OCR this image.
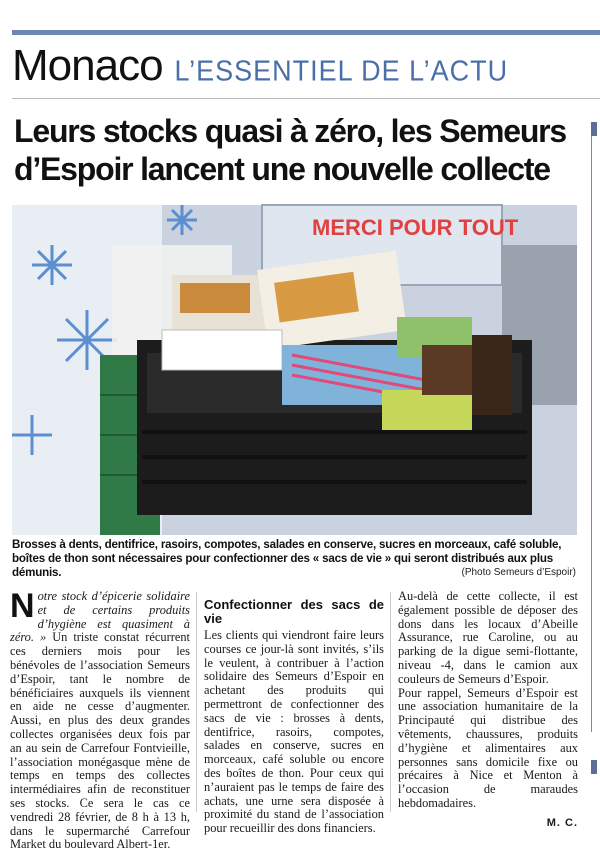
Monaco L’ESSENTIEL DE L’ACTU
Leurs stocks quasi à zéro, les Semeurs d’Espoir lancent une nouvelle collecte
MERCI POUR TOUT

Brosses à dents, dentifrice, rasoirs, compotes, salades en conserve, sucres en morceaux, café soluble, boîtes de thon sont nécessaires pour confectionner des « sacs de vie » qui seront distribués aux plus démunis.	(Photo Semeurs d’Espoir)
N otre stock d’épicerie solidaire et de certains produits d’hygiène est quasiment à zéro. » Un triste constat récurrent ces derniers mois pour les bénévoles de l’association Semeurs d’Espoir, tant le nombre de bénéficiaires auxquels ils viennent en aide ne cesse d’augmenter. Aussi, en plus des deux grandes collectes organisées deux fois par an au sein de Carrefour Fontvieille, l’association monégasque mène de temps en temps des collectes intermédiaires afin de reconstituer ses stocks. Ce sera le cas ce vendredi 28 février, de 8 h à 13 h, dans le supermarché Carrefour Market du boulevard Albert-1er.
Confectionner des sacs de vie

Les clients qui viendront faire leurs courses ce jour-là sont invités, s’ils le veulent, à contribuer à l’action solidaire des Semeurs d’Espoir en achetant des produits qui permettront de confectionner des sacs de vie : brosses à dents, dentifrice, rasoirs, compotes, salades en conserve, sucres en morceaux, café soluble ou encore des boîtes de thon. Pour ceux qui n’auraient pas le temps de faire des achats, une urne sera disposée à proximité du stand de l’association pour recueillir des dons financiers.

Au-delà de cette collecte, il est également possible de déposer des dons dans les locaux d’Abeille Assurance, rue Caroline, ou au parking de la digue semi-flottante, niveau -4, dans le camion aux couleurs de Semeurs d’Espoir.

Pour rappel, Semeurs d’Espoir est une association humanitaire de la Principauté qui distribue des vêtements, chaussures, produits d’hygiène et alimentaires aux personnes sans domicile fixe ou précaires à Nice et Menton à l’occasion de maraudes hebdomadaires.

M. C.
